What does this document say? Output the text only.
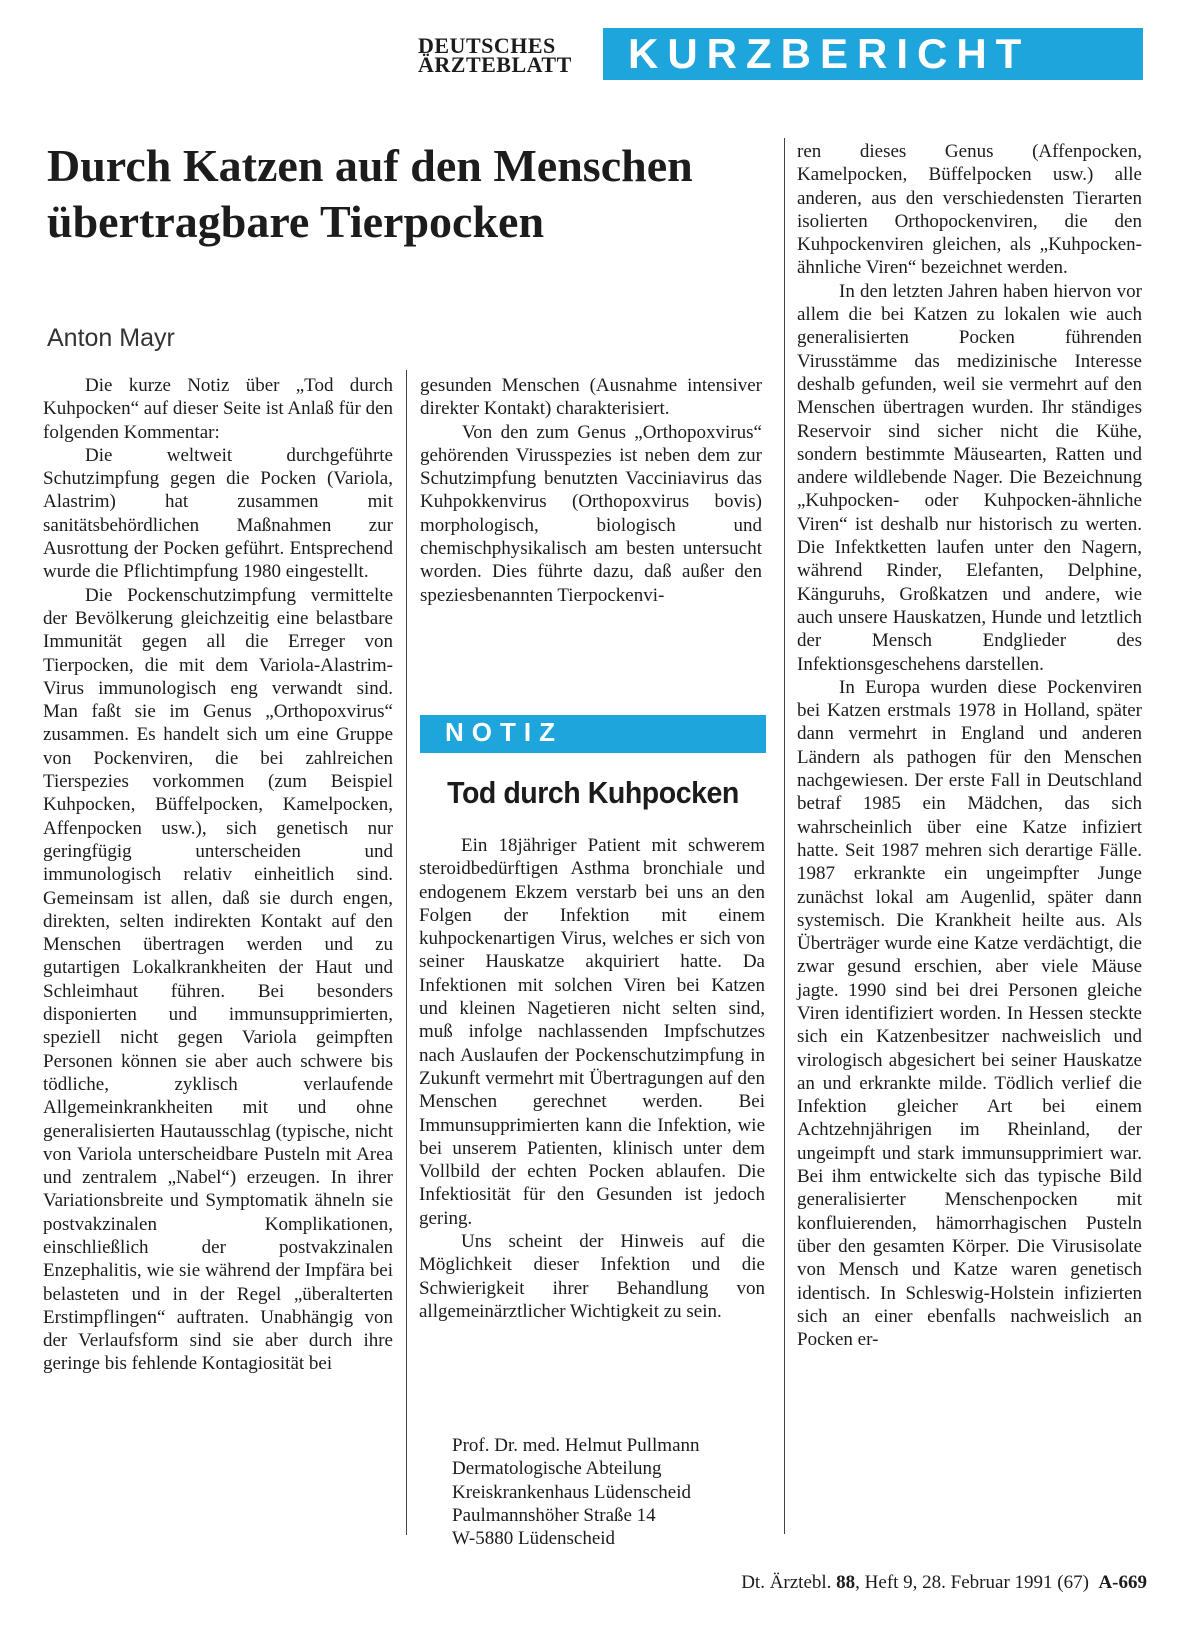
DEUTSCHES
ÄRZTEBLATT	KURZBERICHT
Durch Katzen auf den Menschen übertragbare Tierpocken
Anton Mayr

Die kurze Notiz über „Tod durch Kuhpocken“ auf dieser Seite ist Anlaß für den folgenden Kommentar:

Die weltweit durchgeführte Schutzimpfung gegen die Pocken (Variola, Alastrim) hat zusammen mit sanitätsbehördlichen Maßnahmen zur Ausrottung der Pocken geführt. Entsprechend wurde die Pflichtimpfung 1980 eingestellt.

Die Pockenschutzimpfung vermittelte der Bevölkerung gleichzeitig eine belastbare Immunität gegen all die Erreger von Tierpocken, die mit dem Variola-Alastrim-Virus immunologisch eng verwandt sind. Man faßt sie im Genus „Orthopoxvirus“ zusammen. Es handelt sich um eine Gruppe von Pockenviren, die bei zahlreichen Tierspezies vorkommen (zum Beispiel Kuhpocken, Büffelpocken, Kamelpocken, Affenpocken usw.), sich genetisch nur geringfügig unterscheiden und immunologisch relativ einheitlich sind. Gemeinsam ist allen, daß sie durch engen, direkten, selten indirekten Kontakt auf den Menschen übertragen werden und zu gutartigen Lokalkrankheiten der Haut und Schleimhaut führen. Bei besonders disponierten und immunsupprimierten, speziell nicht gegen Variola geimpften Personen können sie aber auch schwere bis tödliche, zyklisch verlaufende Allgemeinkrankheiten mit und ohne generalisierten Hautausschlag (typische, nicht von Variola unterscheidbare Pusteln mit Area und zentralem „Nabel“) erzeugen. In ihrer Variationsbreite und Symptomatik ähneln sie postvakzinalen Komplikationen, einschließlich der postvakzinalen Enzephalitis, wie sie während der Impfära bei belasteten und in der Regel „überalterten Erstimpflingen“ auftraten. Unabhängig von der Verlaufsform sind sie aber durch ihre geringe bis fehlende Kontagiosität bei

gesunden Menschen (Ausnahme intensiver direkter Kontakt) charakterisiert.

Von den zum Genus „Orthopoxvirus“ gehörenden Virusspezies ist neben dem zur Schutzimpfung benutzten Vacciniavirus das Kuhpokkenvirus (Orthopoxvirus bovis) morphologisch, biologisch und chemischphysikalisch am besten untersucht worden. Dies führte dazu, daß außer den speziesbenannten Tierpockenvi-

NOTIZ
Tod durch Kuhpocken

Ein 18jähriger Patient mit schwerem steroidbedürftigen Asthma bronchiale und endogenem Ekzem verstarb bei uns an den Folgen der Infektion mit einem kuhpockenartigen Virus, welches er sich von seiner Hauskatze akquiriert hatte. Da Infektionen mit solchen Viren bei Katzen und kleinen Nagetieren nicht selten sind, muß infolge nachlassenden Impfschutzes nach Auslaufen der Pockenschutzimpfung in Zukunft vermehrt mit Übertragungen auf den Menschen gerechnet werden. Bei Immunsupprimierten kann die Infektion, wie bei unserem Patienten, klinisch unter dem Vollbild der echten Pocken ablaufen. Die Infektiosität für den Gesunden ist jedoch gering.

Uns scheint der Hinweis auf die Möglichkeit dieser Infektion und die Schwierigkeit ihrer Behandlung von allgemeinärztlicher Wichtigkeit zu sein.

Prof. Dr. med. Helmut Pullmann
Dermatologische Abteilung
Kreiskrankenhaus Lüdenscheid
Paulmannshöher Straße 14
W-5880 Lüdenscheid

ren dieses Genus (Affenpocken, Kamelpocken, Büffelpocken usw.) alle anderen, aus den verschiedensten Tierarten isolierten Orthopockenviren, die den Kuhpockenviren gleichen, als „Kuhpocken-ähnliche Viren“ bezeichnet werden.

In den letzten Jahren haben hiervon vor allem die bei Katzen zu lokalen wie auch generalisierten Pocken führenden Virusstämme das medizinische Interesse deshalb gefunden, weil sie vermehrt auf den Menschen übertragen wurden. Ihr ständiges Reservoir sind sicher nicht die Kühe, sondern bestimmte Mäusearten, Ratten und andere wildlebende Nager. Die Bezeichnung „Kuhpocken- oder Kuhpocken-ähnliche Viren“ ist deshalb nur historisch zu werten. Die Infektketten laufen unter den Nagern, während Rinder, Elefanten, Delphine, Känguruhs, Großkatzen und andere, wie auch unsere Hauskatzen, Hunde und letztlich der Mensch Endglieder des Infektionsgeschehens darstellen.

In Europa wurden diese Pockenviren bei Katzen erstmals 1978 in Holland, später dann vermehrt in England und anderen Ländern als pathogen für den Menschen nachgewiesen. Der erste Fall in Deutschland betraf 1985 ein Mädchen, das sich wahrscheinlich über eine Katze infiziert hatte. Seit 1987 mehren sich derartige Fälle. 1987 erkrankte ein ungeimpfter Junge zunächst lokal am Augenlid, später dann systemisch. Die Krankheit heilte aus. Als Überträger wurde eine Katze verdächtigt, die zwar gesund erschien, aber viele Mäuse jagte. 1990 sind bei drei Personen gleiche Viren identifiziert worden. In Hessen steckte sich ein Katzenbesitzer nachweislich und virologisch abgesichert bei seiner Hauskatze an und erkrankte milde. Tödlich verlief die Infektion gleicher Art bei einem Achtzehnjährigen im Rheinland, der ungeimpft und stark immunsupprimiert war. Bei ihm entwickelte sich das typische Bild generalisierter Menschenpocken mit konfluierenden, hämorrhagischen Pusteln über den gesamten Körper. Die Virusisolate von Mensch und Katze waren genetisch identisch. In Schleswig-Holstein infizierten sich an einer ebenfalls nachweislich an Pocken er-

Dt. Ärztebl. 88, Heft 9, 28. Februar 1991 (67) A-669
